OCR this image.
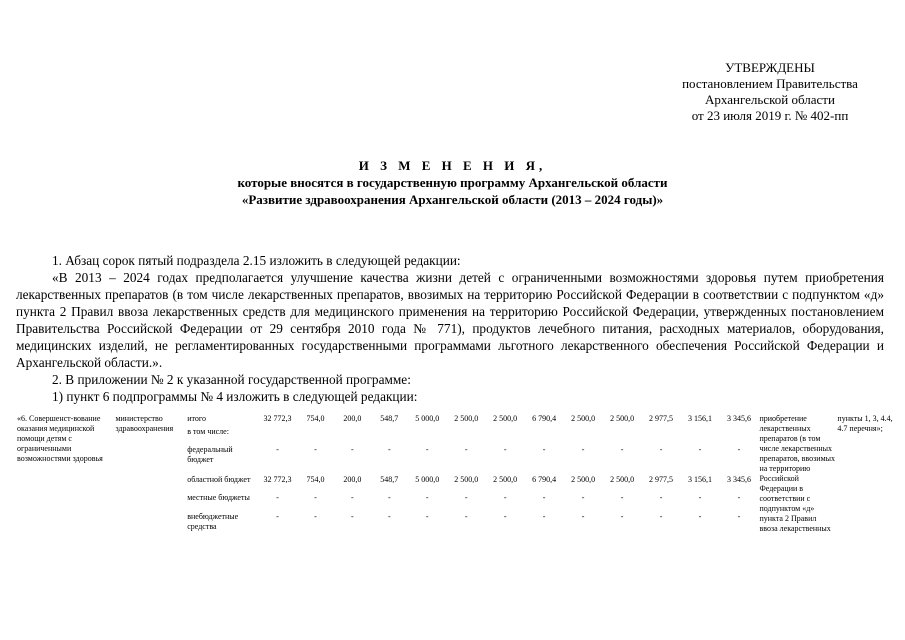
УТВЕРЖДЕНЫ
постановлением Правительства
Архангельской области
от 23 июля 2019 г. № 402-пп
И З М Е Н Е Н И Я,
которые вносятся в государственную программу Архангельской области
«Развитие здравоохранения Архангельской области (2013 – 2024 годы)»

1. Абзац сорок пятый подраздела 2.15 изложить в следующей редакции:

«В 2013 – 2024 годах предполагается улучшение качества жизни детей с ограниченными возможностями здоровья путем приобретения лекарственных препаратов (в том числе лекарственных препаратов, ввозимых на территорию Российской Федерации в соответствии с подпунктом «д» пункта 2 Правил ввоза лекарственных средств для медицинского применения на территорию Российской Федерации, утвержденных постановлением Правительства Российской Федерации от 29 сентября 2010 года № 771), продуктов лечебного питания, расходных материалов, оборудования, медицинских изделий, не регламентированных государственными программами льготного лекарственного обеспечения Российской Федерации и Архангельской области.».

2. В приложении № 2 к указанной государственной программе:

1) пункт 6 подпрограммы № 4 изложить в следующей редакции:

«6. Совершенст-вование оказания медицинской помощи детям с ограниченными возможностями здоровья	министерство здравоохранения	итого	32 772,3	754,0	200,0	548,7	5 000,0	2 500,0	2 500,0	6 790,4	2 500,0	2 500,0	2 977,5	3 156,1	3 345,6	приобретение лекарственных препаратов (в том числе лекарственных препаратов, ввозимых на территорию Российской Федерации в соответствии с подпунктом «д» пункта 2 Правил ввоза лекарственных	пункты 1, 3, 4.4, 4.7 перечня»;
		в том числе:															
		федеральный бюджет	-	-	-	-	-	-	-	-	-	-	-	-	-		
		областной бюджет	32 772,3	754,0	200,0	548,7	5 000,0	2 500,0	2 500,0	6 790,4	2 500,0	2 500,0	2 977,5	3 156,1	3 345,6		
		местные бюджеты	-	-	-	-	-	-	-	-	-	-	-	-	-		
		внебюджетные средства	-	-	-	-	-	-	-	-	-	-	-	-	-		
